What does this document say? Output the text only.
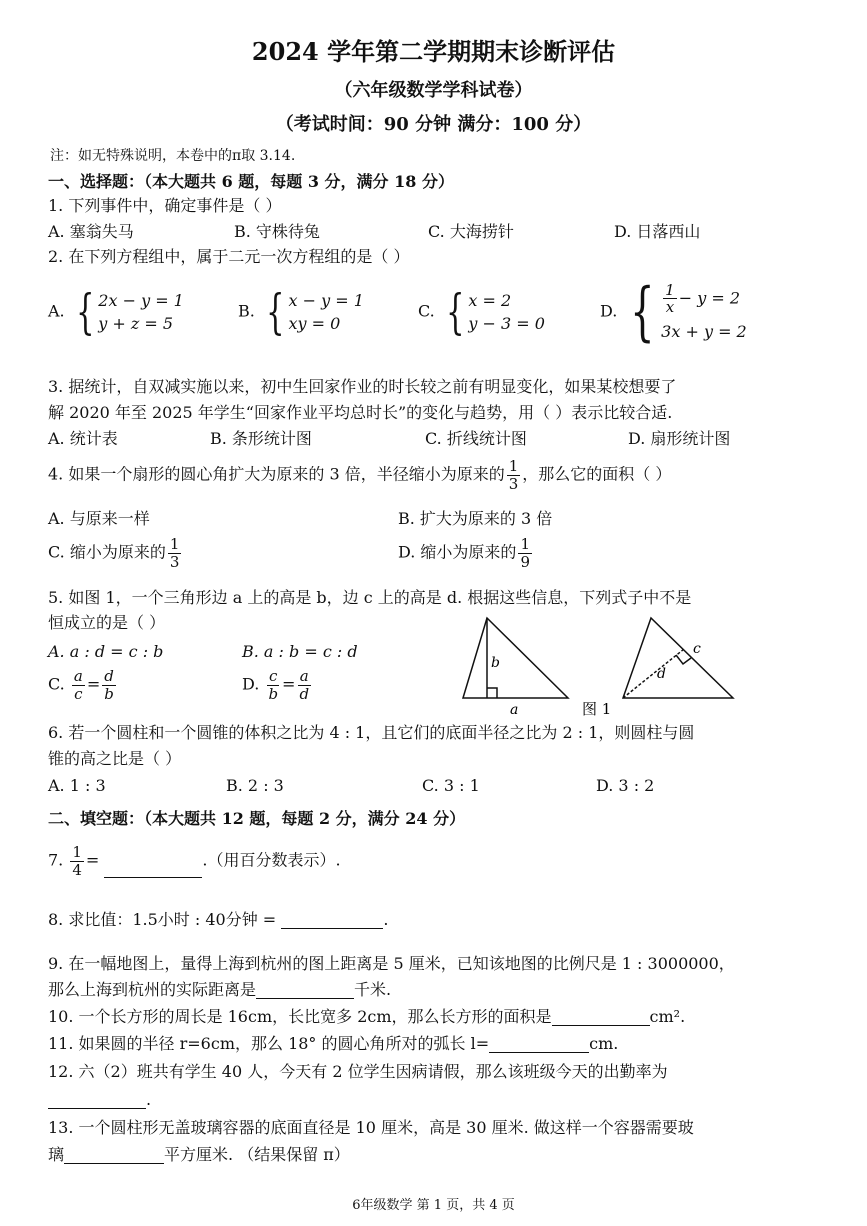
2024 学年第二学期期末诊断评估
（六年级数学学科试卷）
（考试时间：90 分钟 满分：100 分）
注：如无特殊说明，本卷中的π取 3.14.
一、选择题：（本大题共 6 题，每题 3 分，满分 18 分）
1. 下列事件中，确定事件是（ ）
A. 塞翁失马	B. 守株待兔	C. 大海捞针	D. 日落西山
2. 在下列方程组中，属于二元一次方程组的是（ ）
A. { 2x − y = 1
y + z = 5
B. { x − y = 1
xy = 0
C. { x = 2
y − 3 = 0
D. { $\frac{1}{x} - y = 2$
3x + y = 2
3. 据统计，自双减实施以来，初中生回家作业的时长较之前有明显变化，如果某校想要了
解 2020 年至 2025 年学生“回家作业平均总时长”的变化与趋势，用（ ）表示比较合适.
A. 统计表	B. 条形统计图	C. 折线统计图	D. 扇形统计图
4. 如果一个扇形的圆心角扩大为原来的 3 倍，半径缩小为原来的 $\frac{1}{3}$ ，那么它的面积（ ）
A. 与原来一样	B. 扩大为原来的 3 倍
C. 缩小为原来的 $\frac{1}{3}$	D. 缩小为原来的 $\frac{1}{9}$
5. 如图 1，一个三角形边 a 上的高是 b，边 c 上的高是 d. 根据这些信息，下列式子中不是
恒成立的是（ ）
A. a : d = c : b	B. a : b = c : d
C. $\frac{a}{c} = \frac{d}{b}$	D. $\frac{c}{b} = \frac{a}{d}$
b
a
c
d
图 1
6. 若一个圆柱和一个圆锥的体积之比为 4 : 1，且它们的底面半径之比为 2 : 1，则圆柱与圆
锥的高之比是（ ）
A. 1 : 3	B. 2 : 3	C. 3 : 1	D. 3 : 2
二、填空题：（本大题共 12 题，每题 2 分，满分 24 分）
7. $\frac{1}{4}$ =	.（用百分数表示）.
8. 求比值：1.5小时 : 40分钟 =	.
9. 在一幅地图上，量得上海到杭州的图上距离是 5 厘米，已知该地图的比例尺是 1 : 3000000，
那么上海到杭州的实际距离是	千米.
10. 一个长方形的周长是 16cm，长比宽多 2cm，那么长方形的面积是	cm².
11. 如果圆的半径 r=6cm，那么 18° 的圆心角所对的弧长 l=	cm.
12. 六（2）班共有学生 40 人，今天有 2 位学生因病请假，那么该班级今天的出勤率为
.
13. 一个圆柱形无盖玻璃容器的底面直径是 10 厘米，高是 30 厘米. 做这样一个容器需要玻
璃	平方厘米. （结果保留 π）
6年级数学 第 1 页，共 4 页
